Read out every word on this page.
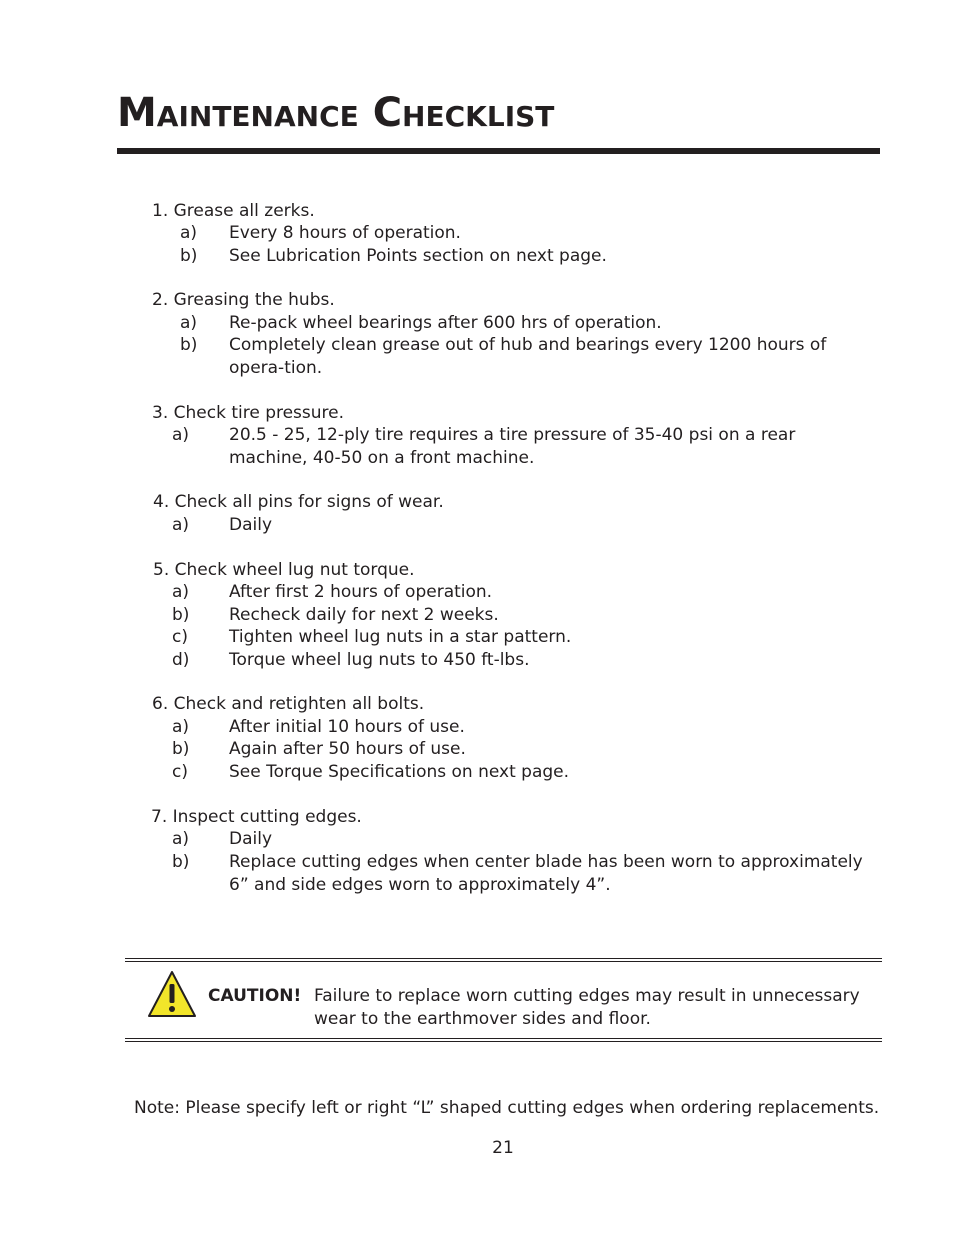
Maintenance Checklist
1. Grease all zerks.
a) Every 8 hours of operation.
b) See Lubrication Points section on next page.
2. Greasing the hubs.
a) Re-pack wheel bearings after 600 hrs of operation.
b) Completely clean grease out of hub and bearings every 1200 hours of opera-tion.
3. Check tire pressure.
a) 20.5 - 25, 12-ply tire requires a tire pressure of 35-40 psi on a rear machine, 40-50 on a front machine.
4. Check all pins for signs of wear.
a) Daily
5. Check wheel lug nut torque.
a) After first 2 hours of operation.
b) Recheck daily for next 2 weeks.
c) Tighten wheel lug nuts in a star pattern.
d) Torque wheel lug nuts to 450 ft-lbs.
6. Check and retighten all bolts.
a) After initial 10 hours of use.
b) Again after 50 hours of use.
c) See Torque Specifications on next page.
7. Inspect cutting edges.
a) Daily
b) Replace cutting edges when center blade has been worn to approximately 6” and side edges worn to approximately 4”.
CAUTION! Failure to replace worn cutting edges may result in unnecessary wear to the earthmover sides and floor.
Note: Please specify left or right “L” shaped cutting edges when ordering replacements.
21
